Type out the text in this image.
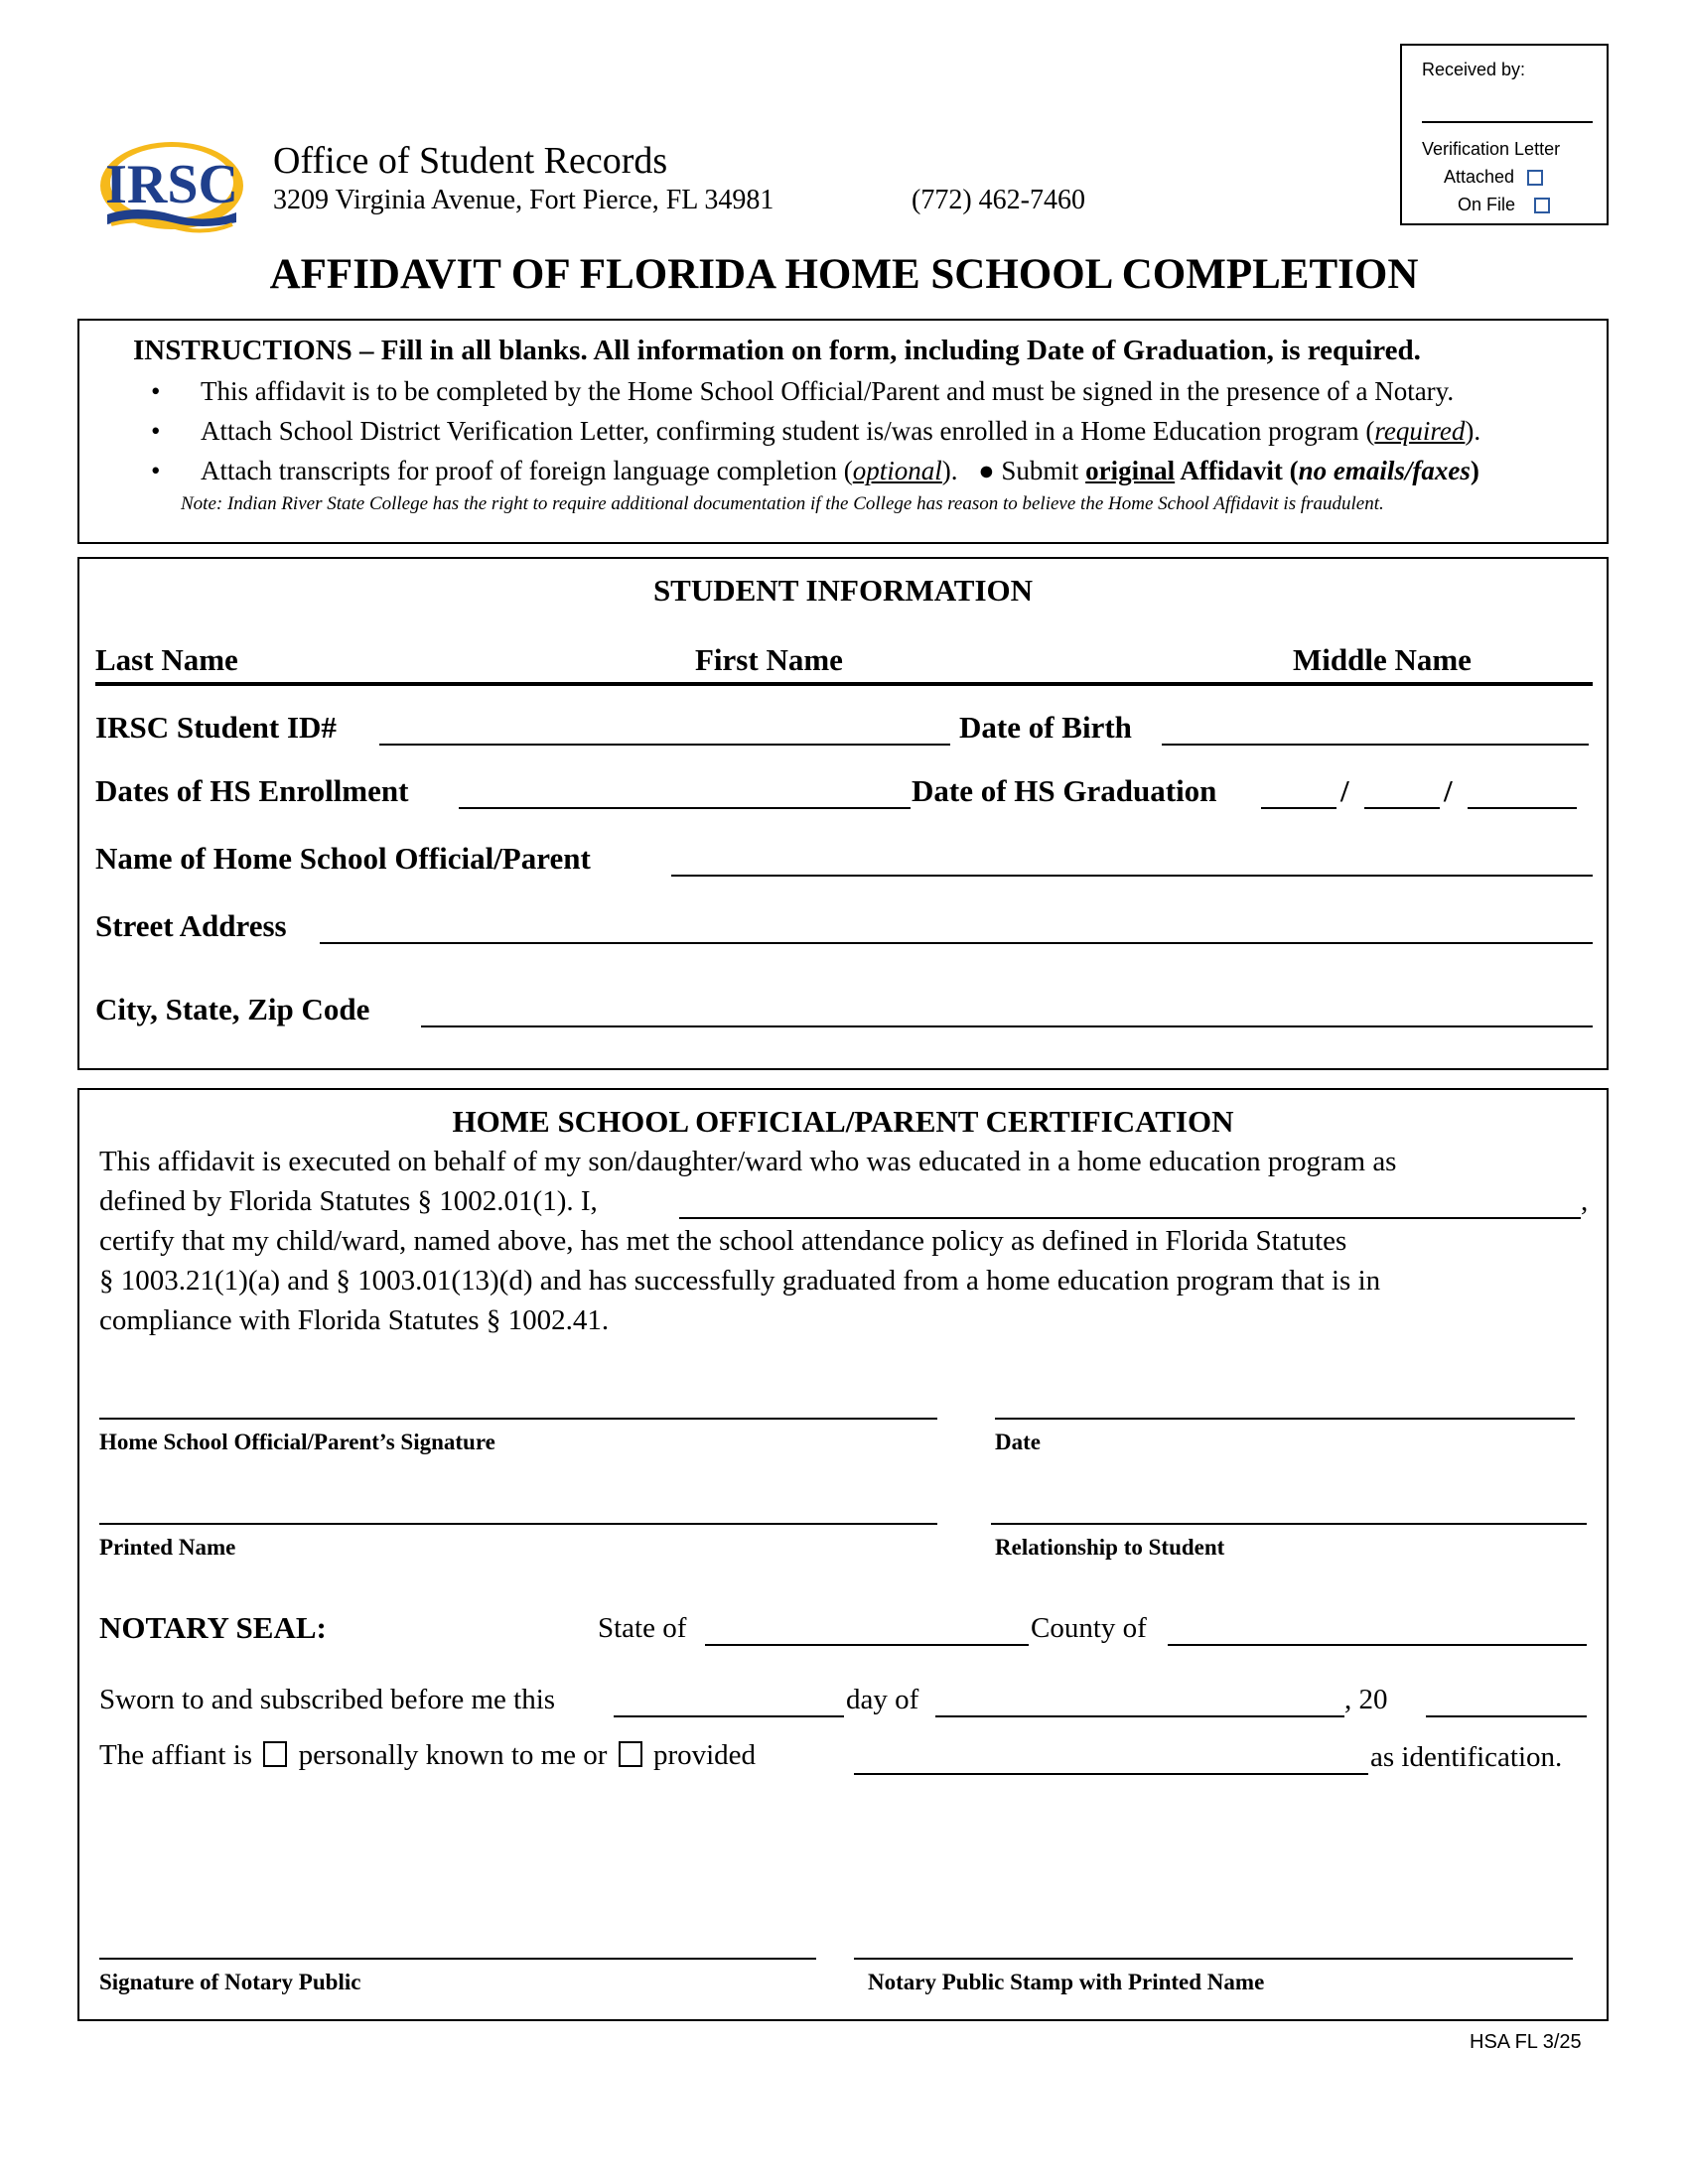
Received by:
Verification Letter
Attached
On File
IRSC Office of Student Records
3209 Virginia Avenue, Fort Pierce, FL 34981	(772) 462-7460
AFFIDAVIT OF FLORIDA HOME SCHOOL COMPLETION
INSTRUCTIONS – Fill in all blanks. All information on form, including Date of Graduation, is required.
• This affidavit is to be completed by the Home School Official/Parent and must be signed in the presence of a Notary.
• Attach School District Verification Letter, confirming student is/was enrolled in a Home Education program (required).
• Attach transcripts for proof of foreign language completion (optional). ● Submit original Affidavit (no emails/faxes)
Note: Indian River State College has the right to require additional documentation if the College has reason to believe the Home School Affidavit is fraudulent.
STUDENT INFORMATION
Last Name	First Name	Middle Name
IRSC Student ID#	Date of Birth
Dates of HS Enrollment	Date of HS Graduation	/	/
Name of Home School Official/Parent
Street Address
City, State, Zip Code
HOME SCHOOL OFFICIAL/PARENT CERTIFICATION
This affidavit is executed on behalf of my son/daughter/ward who was educated in a home education program as
defined by Florida Statutes § 1002.01(1). I,	,
certify that my child/ward, named above, has met the school attendance policy as defined in Florida Statutes
§ 1003.21(1)(a) and § 1003.01(13)(d) and has successfully graduated from a home education program that is in
compliance with Florida Statutes § 1002.41.
Home School Official/Parent’s Signature	Date
Printed Name	Relationship to Student
NOTARY SEAL:	State of	County of
Sworn to and subscribed before me this	day of	, 20
The affiant is personally known to me or provided	as identification.
Signature of Notary Public	Notary Public Stamp with Printed Name
HSA FL 3/25
